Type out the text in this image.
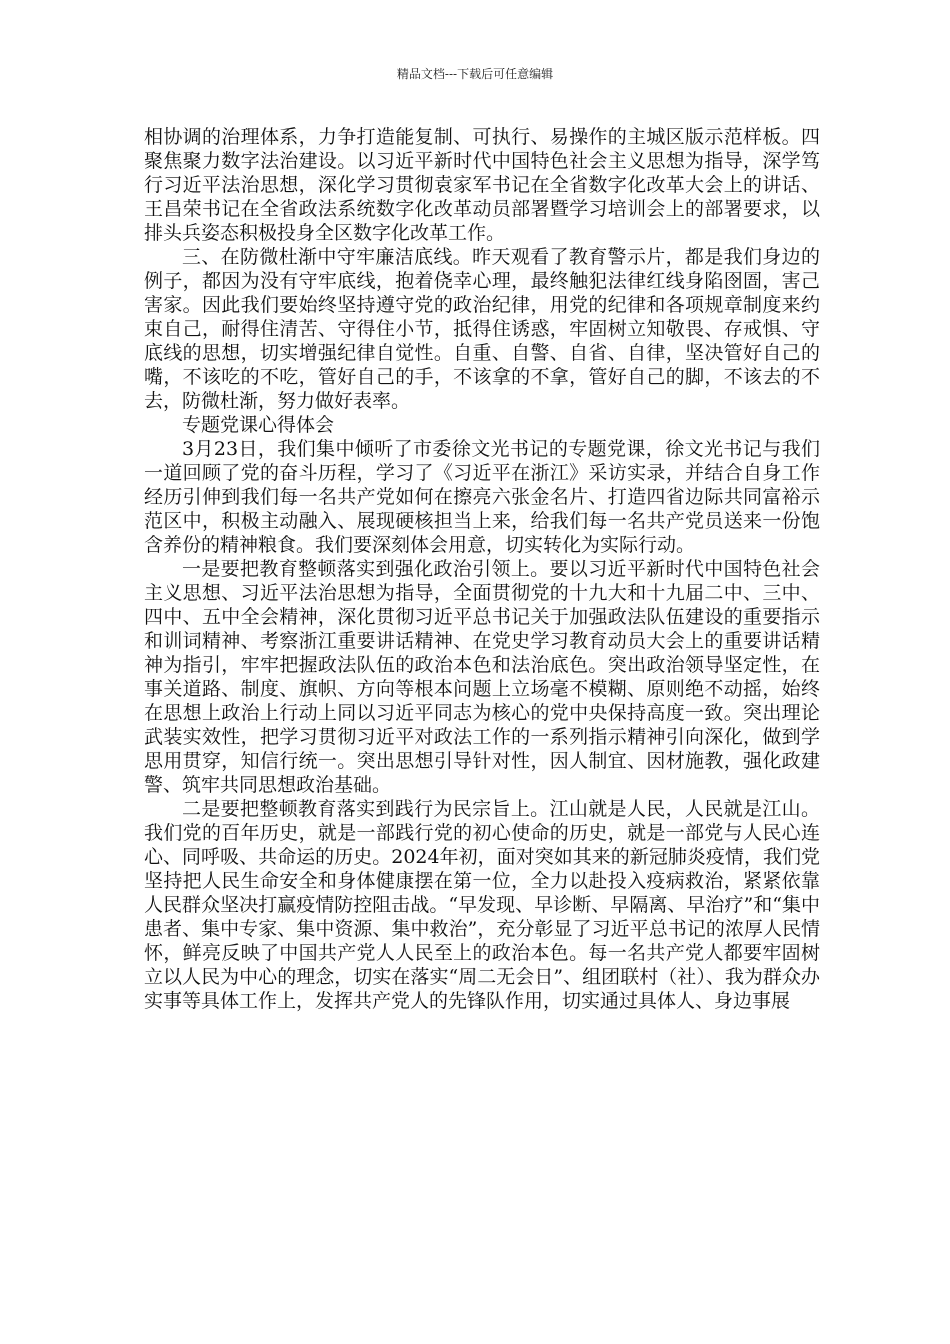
精品文档---下载后可任意编辑

相协调的治理体系，力争打造能复制、可执行、易操作的主城区版示范样板。四聚焦聚力数字法治建设。以习近平新时代中国特色社会主义思想为指导，深学笃行习近平法治思想，深化学习贯彻袁家军书记在全省数字化改革大会上的讲话、王昌荣书记在全省政法系统数字化改革动员部署暨学习培训会上的部署要求，以排头兵姿态积极投身全区数字化改革工作。

三、在防微杜渐中守牢廉洁底线。昨天观看了教育警示片，都是我们身边的例子，都因为没有守牢底线，抱着侥幸心理，最终触犯法律红线身陷囹圄，害己害家。因此我们要始终坚持遵守党的政治纪律，用党的纪律和各项规章制度来约束自己，耐得住清苦、守得住小节，抵得住诱惑，牢固树立知敬畏、存戒惧、守底线的思想，切实增强纪律自觉性。自重、自警、自省、自律，坚决管好自己的嘴，不该吃的不吃，管好自己的手，不该拿的不拿，管好自己的脚，不该去的不去，防微杜渐，努力做好表率。

专题党课心得体会

3月23日，我们集中倾听了市委徐文光书记的专题党课，徐文光书记与我们一道回顾了党的奋斗历程，学习了《习近平在浙江》采访实录，并结合自身工作经历引伸到我们每一名共产党如何在擦亮六张金名片、打造四省边际共同富裕示范区中，积极主动融入、展现硬核担当上来，给我们每一名共产党员送来一份饱含养份的精神粮食。我们要深刻体会用意，切实转化为实际行动。

一是要把教育整顿落实到强化政治引领上。要以习近平新时代中国特色社会主义思想、习近平法治思想为指导，全面贯彻党的十九大和十九届二中、三中、四中、五中全会精神，深化贯彻习近平总书记关于加强政法队伍建设的重要指示和训词精神、考察浙江重要讲话精神、在党史学习教育动员大会上的重要讲话精神为指引，牢牢把握政法队伍的政治本色和法治底色。突出政治领导坚定性，在事关道路、制度、旗帜、方向等根本问题上立场毫不模糊、原则绝不动摇，始终在思想上政治上行动上同以习近平同志为核心的党中央保持高度一致。突出理论武装实效性，把学习贯彻习近平对政法工作的一系列指示精神引向深化，做到学思用贯穿，知信行统一。突出思想引导针对性，因人制宜、因材施教，强化政建警、筑牢共同思想政治基础。

二是要把整顿教育落实到践行为民宗旨上。江山就是人民，人民就是江山。我们党的百年历史，就是一部践行党的初心使命的历史，就是一部党与人民心连心、同呼吸、共命运的历史。2024年初，面对突如其来的新冠肺炎疫情，我们党坚持把人民生命安全和身体健康摆在第一位，全力以赴投入疫病救治，紧紧依靠人民群众坚决打赢疫情防控阻击战。“早发现、早诊断、早隔离、早治疗”和“集中患者、集中专家、集中资源、集中救治”，充分彰显了习近平总书记的浓厚人民情怀，鲜亮反映了中国共产党人人民至上的政治本色。每一名共产党人都要牢固树立以人民为中心的理念，切实在落实“周二无会日”、组团联村（社）、我为群众办实事等具体工作上，发挥共产党人的先锋队作用，切实通过具体人、身边事展
